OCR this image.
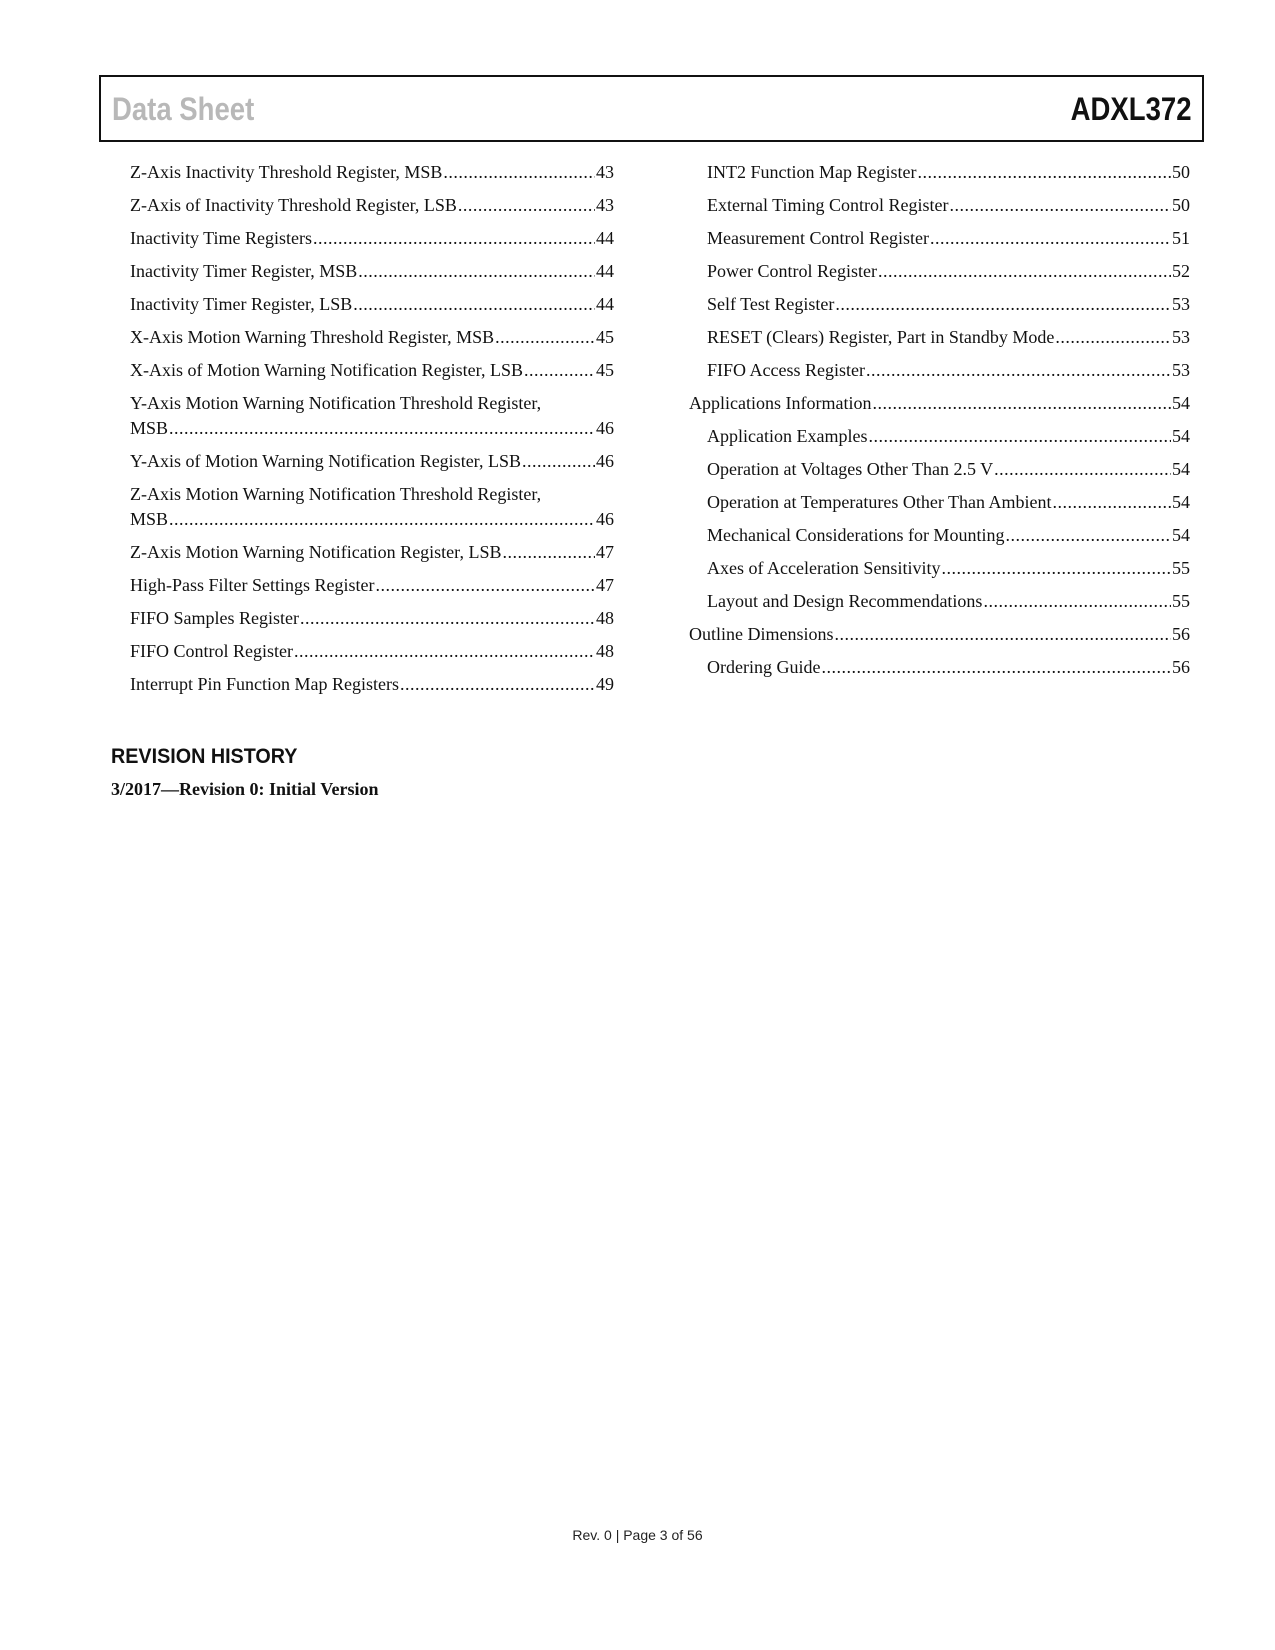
Data Sheet	ADXL372
Z-Axis Inactivity Threshold Register, MSB .....	43
Z-Axis of Inactivity Threshold Register, LSB .....	43
Inactivity Time Registers .....	44
Inactivity Timer Register, MSB .....	44
Inactivity Timer Register, LSB .....	44
X-Axis Motion Warning Threshold Register, MSB .....	45
X-Axis of Motion Warning Notification Register, LSB .....	45
Y-Axis Motion Warning Notification Threshold Register,
MSB .....	46
Y-Axis of Motion Warning Notification Register, LSB .....	46
Z-Axis Motion Warning Notification Threshold Register,
MSB .....	46
Z-Axis Motion Warning Notification Register, LSB .....	47
High-Pass Filter Settings Register .....	47
FIFO Samples Register .....	48
FIFO Control Register .....	48
Interrupt Pin Function Map Registers .....	49
INT2 Function Map Register .....	50
External Timing Control Register .....	50
Measurement Control Register .....	51
Power Control Register .....	52
Self Test Register .....	53
RESET (Clears) Register, Part in Standby Mode .....	53
FIFO Access Register .....	53
Applications Information .....	54
Application Examples .....	54
Operation at Voltages Other Than 2.5 V .....	54
Operation at Temperatures Other Than Ambient .....	54
Mechanical Considerations for Mounting .....	54
Axes of Acceleration Sensitivity .....	55
Layout and Design Recommendations .....	55
Outline Dimensions .....	56
Ordering Guide .....	56
REVISION HISTORY
3/2017—Revision 0: Initial Version
Rev. 0 | Page 3 of 56
